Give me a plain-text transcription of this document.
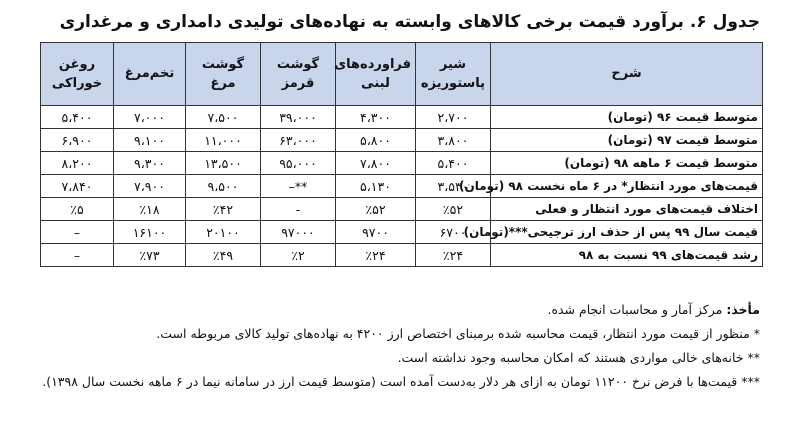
جدول ۶. برآورد قیمت برخی کالاهای وابسته به نهاده‌های تولیدی دامداری و مرغداری
شرح	شیر پاستوریزه	فراورده‌های لبنی	گوشت قرمز	گوشت مرغ	تخم‌مرغ	روغن خوراکی
متوسط قیمت ۹۶ (تومان)	۲،۷۰۰	۴،۳۰۰	۳۹،۰۰۰	۷،۵۰۰	۷،۰۰۰	۵،۴۰۰
متوسط قیمت ۹۷ (تومان)	۳،۸۰۰	۵،۸۰۰	۶۳،۰۰۰	۱۱،۰۰۰	۹،۱۰۰	۶،۹۰۰
متوسط قیمت ۶ ماهه ۹۸ (تومان)	۵،۴۰۰	۷،۸۰۰	۹۵،۰۰۰	۱۳،۵۰۰	۹،۳۰۰	۸،۲۰۰
قیمت‌های مورد انتظار* در ۶ ماه نخست ۹۸ (تومان)	۳،۵۳۰	۵،۱۳۰	**–	۹،۵۰۰	۷،۹۰۰	۷،۸۴۰
اختلاف قیمت‌های مورد انتظار و فعلی	٪۵۲	٪۵۲	-	٪۴۲	٪۱۸	٪۵
قیمت سال ۹۹ پس از حذف ارز ترجیحی***(تومان)	۶۷۰۰	۹۷۰۰	۹۷۰۰۰	۲۰۱۰۰	۱۶۱۰۰	–
رشد قیمت‌های ۹۹ نسبت به ۹۸	٪۲۴	٪۲۴	٪۲	٪۴۹	٪۷۳	–

مأخذ: مرکز آمار و محاسبات انجام شده.

* منظور از قیمت مورد انتظار، قیمت محاسبه شده برمبنای اختصاص ارز ۴۲۰۰ به نهاده‌های تولید کالای مربوطه است.

** خانه‌های خالی مواردی هستند که امکان محاسبه وجود نداشته است.

*** قیمت‌ها با فرض نرخ ۱۱۲۰۰ تومان به ازای هر دلار به‌دست آمده است (متوسط قیمت ارز در سامانه نیما در ۶ ماهه نخست سال ۱۳۹۸).
